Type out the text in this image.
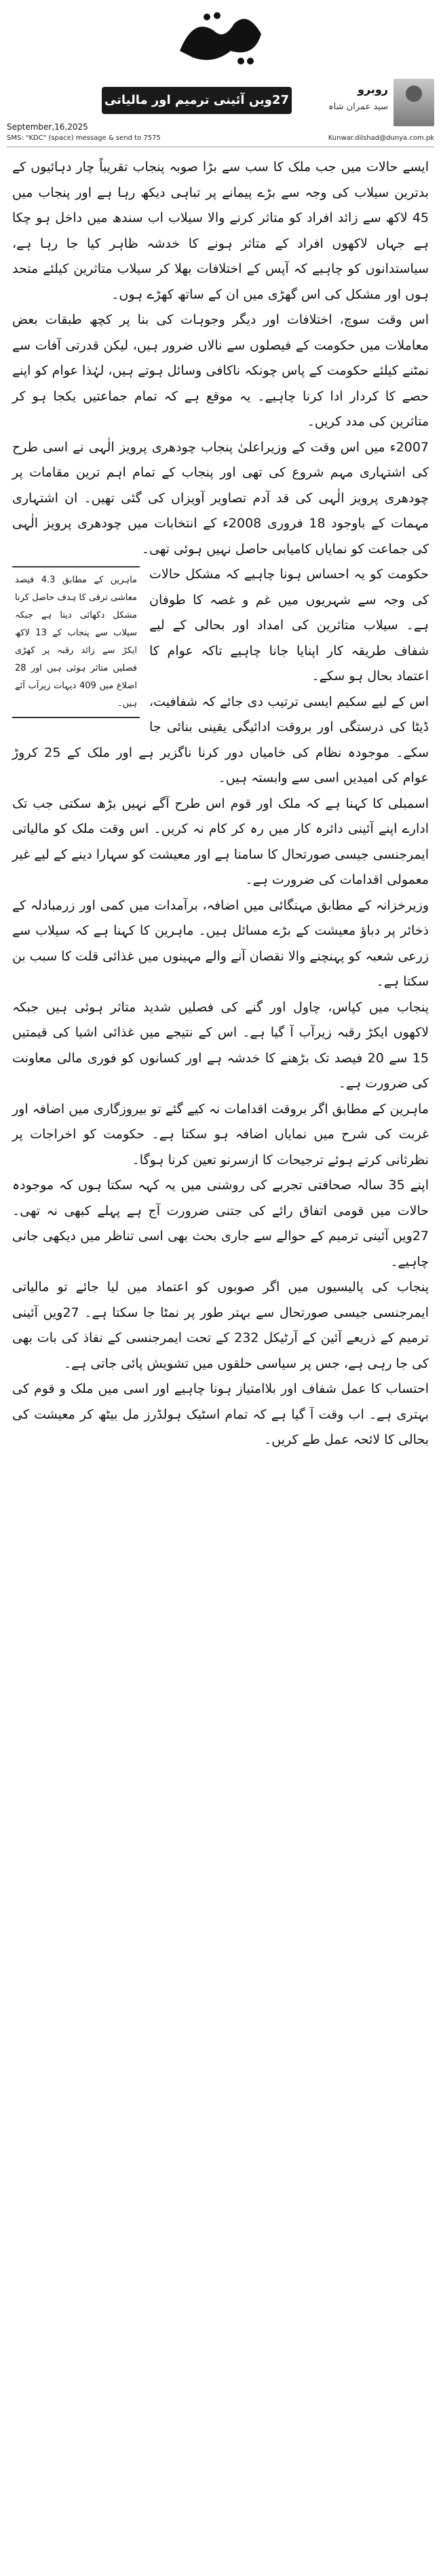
27ویں آئینی ترمیم اور مالیاتی ایمرجنسی
روبرو
سید عمران شاہ
September,16,2025
SMS: "KDC" (space) message & send to 7575	Kunwar.dilshad@dunya.com.pk

ایسے حالات میں جب ملک کا سب سے بڑا صوبہ پنجاب تقریباً چار دہائیوں کے بدترین سیلاب کی وجہ سے بڑے پیمانے پر تباہی دیکھ رہا ہے اور پنجاب میں 45 لاکھ سے زائد افراد کو متاثر کرنے والا سیلاب اب سندھ میں داخل ہو چکا ہے جہاں لاکھوں افراد کے متاثر ہونے کا خدشہ ظاہر کیا جا رہا ہے، سیاستدانوں کو چاہیے کہ آپس کے اختلافات بھلا کر سیلاب متاثرین کیلئے متحد ہوں اور مشکل کی اس گھڑی میں ان کے ساتھ کھڑے ہوں۔

اس وقت سوچ، اختلافات اور دیگر وجوہات کی بنا پر کچھ طبقات بعض معاملات میں حکومت کے فیصلوں سے نالاں ضرور ہیں، لیکن قدرتی آفات سے نمٹنے کیلئے حکومت کے پاس چونکہ ناکافی وسائل ہوتے ہیں، لہٰذا عوام کو اپنے حصے کا کردار ادا کرنا چاہیے۔ یہ موقع ہے کہ تمام جماعتیں یکجا ہو کر متاثرین کی مدد کریں۔

2007ء میں اس وقت کے وزیراعلیٰ پنجاب چودھری پرویز الٰہی نے اسی طرح کی اشتہاری مہم شروع کی تھی اور پنجاب کے تمام اہم ترین مقامات پر چودھری پرویز الٰہی کی قد آدم تصاویر آویزاں کی گئی تھیں۔ ان اشتہاری مہمات کے باوجود 18 فروری 2008ء کے انتخابات میں چودھری پرویز الٰہی کی جماعت کو نمایاں کامیابی حاصل نہیں ہوئی تھی۔

ماہرین کے مطابق 4.3 فیصد معاشی ترقی کا ہدف حاصل کرنا مشکل دکھائی دیتا ہے جبکہ سیلاب سے پنجاب کے 13 لاکھ ایکڑ سے زائد رقبہ پر کھڑی فصلیں متاثر ہوئی ہیں اور 28 اضلاع میں 409 دیہات زیرآب آئے ہیں۔

حکومت کو یہ احساس ہونا چاہیے کہ مشکل حالات کی وجہ سے شہریوں میں غم و غصہ کا طوفان ہے۔ سیلاب متاثرین کی امداد اور بحالی کے لیے شفاف طریقہ کار اپنایا جانا چاہیے تاکہ عوام کا اعتماد بحال ہو سکے۔

اس کے لیے سکیم ایسی ترتیب دی جائے کہ شفافیت، ڈیٹا کی درستگی اور بروقت ادائیگی یقینی بنائی جا سکے۔ موجودہ نظام کی خامیاں دور کرنا ناگزیر ہے اور ملک کے 25 کروڑ عوام کی امیدیں اسی سے وابستہ ہیں۔

اسمبلی کا کہنا ہے کہ ملک اور قوم اس طرح آگے نہیں بڑھ سکتی جب تک ادارے اپنے آئینی دائرہ کار میں رہ کر کام نہ کریں۔ اس وقت ملک کو مالیاتی ایمرجنسی جیسی صورتحال کا سامنا ہے اور معیشت کو سہارا دینے کے لیے غیر معمولی اقدامات کی ضرورت ہے۔

وزیرخزانہ کے مطابق مہنگائی میں اضافہ، برآمدات میں کمی اور زرمبادلہ کے ذخائر پر دباؤ معیشت کے بڑے مسائل ہیں۔ ماہرین کا کہنا ہے کہ سیلاب سے زرعی شعبہ کو پہنچنے والا نقصان آنے والے مہینوں میں غذائی قلت کا سبب بن سکتا ہے۔

پنجاب میں کپاس، چاول اور گنے کی فصلیں شدید متاثر ہوئی ہیں جبکہ لاکھوں ایکڑ رقبہ زیرآب آ گیا ہے۔ اس کے نتیجے میں غذائی اشیا کی قیمتیں 15 سے 20 فیصد تک بڑھنے کا خدشہ ہے اور کسانوں کو فوری مالی معاونت کی ضرورت ہے۔

ماہرین کے مطابق اگر بروقت اقدامات نہ کیے گئے تو بیروزگاری میں اضافہ اور غربت کی شرح میں نمایاں اضافہ ہو سکتا ہے۔ حکومت کو اخراجات پر نظرثانی کرتے ہوئے ترجیحات کا ازسرنو تعین کرنا ہوگا۔

اپنے 35 سالہ صحافتی تجربے کی روشنی میں یہ کہہ سکتا ہوں کہ موجودہ حالات میں قومی اتفاق رائے کی جتنی ضرورت آج ہے پہلے کبھی نہ تھی۔ 27ویں آئینی ترمیم کے حوالے سے جاری بحث بھی اسی تناظر میں دیکھی جانی چاہیے۔

پنجاب کی پالیسیوں میں اگر صوبوں کو اعتماد میں لیا جائے تو مالیاتی ایمرجنسی جیسی صورتحال سے بہتر طور پر نمٹا جا سکتا ہے۔ 27ویں آئینی ترمیم کے ذریعے آئین کے آرٹیکل 232 کے تحت ایمرجنسی کے نفاذ کی بات بھی کی جا رہی ہے، جس پر سیاسی حلقوں میں تشویش پائی جاتی ہے۔

احتساب کا عمل شفاف اور بلاامتیاز ہونا چاہیے اور اسی میں ملک و قوم کی بہتری ہے۔ اب وقت آ گیا ہے کہ تمام اسٹیک ہولڈرز مل بیٹھ کر معیشت کی بحالی کا لائحہ عمل طے کریں۔
